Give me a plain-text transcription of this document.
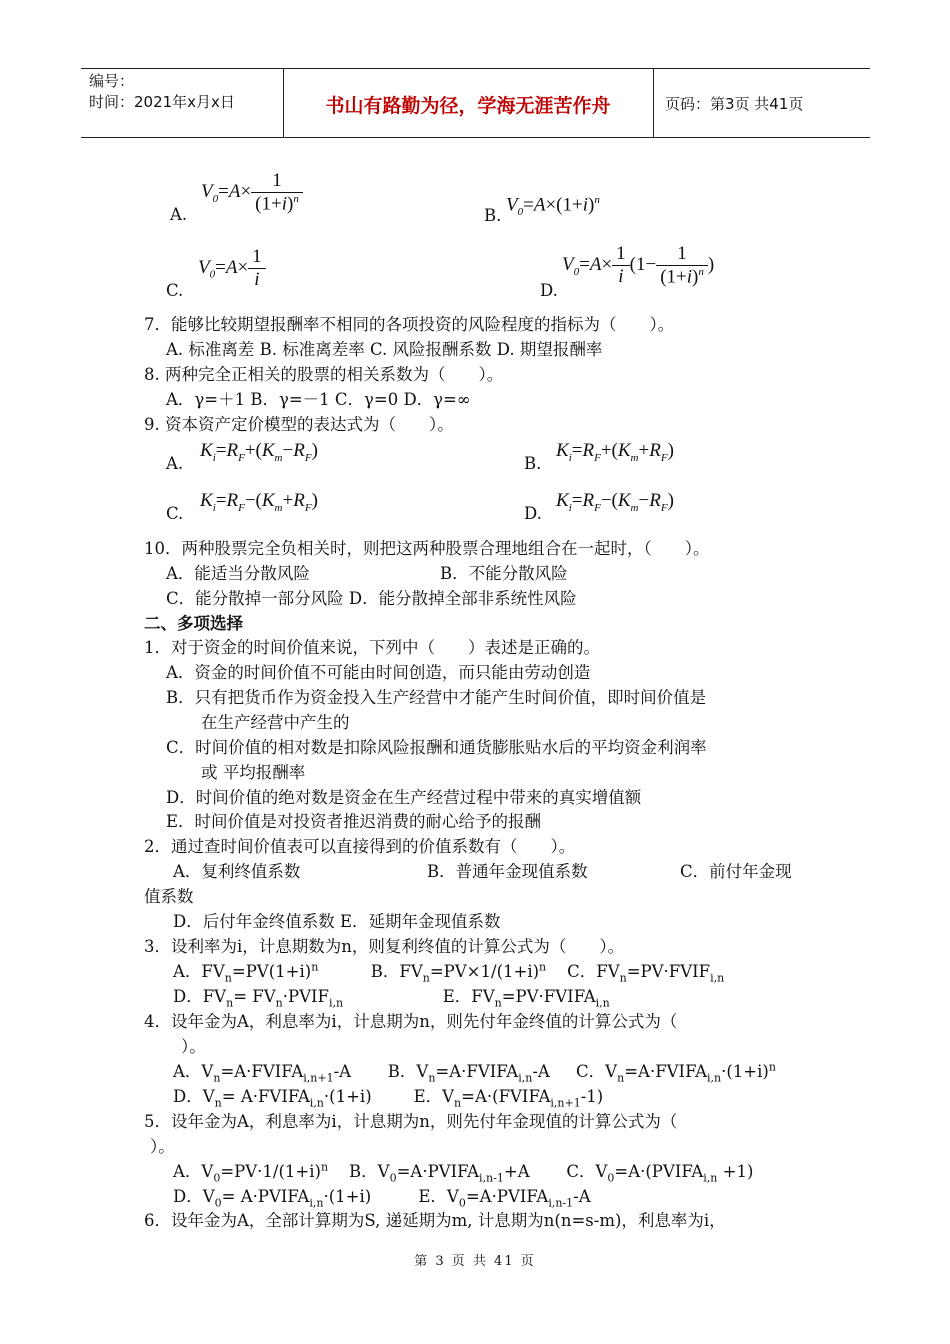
编号：
时间：2021年x月x日	书山有路勤为径，学海无涯苦作舟	页码：第3页 共41页
A.
$V_0=A\times \frac{1}{(1+i)^n}$
B.
$V_0=A\times(1+i)^n$
C.
$V_0=A\times \frac{1}{i}$	D.
$V_0=A\times \frac{1}{i} (1- \frac{1}{(1+i)^n}$ )
7．能够比较期望报酬率不相同的各项投资的风险程度的指标为（　　）。
A. 标准离差 B. 标准离差率 C. 风险报酬系数 D. 期望报酬率
8. 两种完全正相关的股票的相关系数为（　　）。
A．γ=＋1 B．γ=－1 C．γ=0 D．γ=∞
9. 资本资产定价模型的表达式为（　　）。
A.
$K_i=R_F+(K_m-R_F)$
B.
$K_i=R_F+(K_m+R_F)$
C.
$K_i=R_F-(K_m+R_F)$
D.
$K_i=R_F-(K_m-R_F)$
10．两种股票完全负相关时，则把这两种股票合理地组合在一起时，（　　）。
A．能适当分散风险	B．不能分散风险
C．能分散掉一部分风险 D．能分散掉全部非系统性风险
二、多项选择
1．对于资金的时间价值来说，下列中（　　）表述是正确的。
A．资金的时间价值不可能由时间创造，而只能由劳动创造
B．只有把货币作为资金投入生产经营中才能产生时间价值，即时间价值是
在生产经营中产生的
C．时间价值的相对数是扣除风险报酬和通货膨胀贴水后的平均资金利润率
或 平均报酬率
D．时间价值的绝对数是资金在生产经营过程中带来的真实增值额
E．时间价值是对投资者推迟消费的耐心给予的报酬
2．通过查时间价值表可以直接得到的价值系数有（　　）。
A．复利终值系数	B．普通年金现值系数	C．前付年金现
值系数
D．后付年金终值系数 E．延期年金现值系数
3．设利率为i，计息期数为n，则复利终值的计算公式为（　　）。
A．$FV_n=PV(1+i)^n$          B．$FV_n=PV\times 1/(1+i)^n$    C．$FV_n=PV\cdot FVIF_{i,n}$
D．$FV_n=$ $FV_n\cdot PVIF_{i,n}$                   E．$FV_n=PV\cdot FVIFA_{i,n}$
4．设年金为A，利息率为i，计息期为n，则先付年金终值的计算公式为（
）。
A．$V_n=A\cdot FVIFA_{i,n+1}-A$       B．$V_n=A\cdot FVIFA_{i,n}-A$     C．$V_n=A\cdot FVIFA_{i,n}\cdot(1+i)^n$
D．$V_n=$ $A\cdot FVIFA_{i,n}\cdot(1+i)$        E．$V_n=A\cdot(FVIFA_{i,n+1}-1)$
5．设年金为A，利息率为i，计息期为n，则先付年金现值的计算公式为（
）。
A．$V_0=PV\cdot 1/(1+i)^n$    B．$V_0=A\cdot PVIFA_{i,n-1}+A$       C．$V_0=A\cdot(PVIFA_{i,n} +1)$
D．$V_0=$ $A\cdot PVIFA_{i,n}\cdot(1+i)$         E．$V_0=A\cdot PVIFA_{i,n-1}-A$
6．设年金为A，全部计算期为S, 递延期为m, 计息期为n(n=s-m)，利息率为i，
第 3 页 共 41 页
